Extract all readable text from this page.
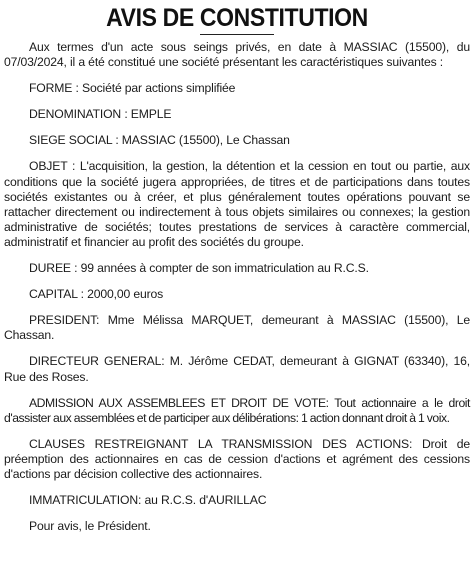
AVIS DE CONSTITUTION

Aux termes d'un acte sous seings privés, en date à MASSIAC (15500), du 07/03/2024, il a été constitué une société présentant les caractéristiques suivantes :

FORME : Société par actions simplifiée

DENOMINATION : EMPLE

SIEGE SOCIAL : MASSIAC (15500), Le Chassan

OBJET : L'acquisition, la gestion, la détention et la cession en tout ou partie, aux conditions que la société jugera appropriées, de titres et de participations dans toutes sociétés existantes ou à créer, et plus généralement toutes opérations pouvant se rattacher directement ou indirectement à tous objets similaires ou connexes; la gestion administrative de sociétés; toutes prestations de services à caractère commercial, administratif et financier au profit des sociétés du groupe.

DUREE : 99 années à compter de son immatriculation au R.C.S.

CAPITAL : 2000,00 euros

PRESIDENT: Mme Mélissa MARQUET, demeurant à MASSIAC (15500), Le Chassan.

DIRECTEUR GENERAL: M. Jérôme CEDAT, demeurant à GIGNAT (63340), 16, Rue des Roses.

ADMISSION AUX ASSEMBLEES ET DROIT DE VOTE: Tout actionnaire a le droit d'assister aux assemblées et de participer aux délibérations: 1 action donnant droit à 1 voix.

CLAUSES RESTREIGNANT LA TRANSMISSION DES ACTIONS: Droit de préemption des actionnaires en cas de cession d'actions et agrément des cessions d'actions par décision collective des actionnaires.

IMMATRICULATION: au R.C.S. d'AURILLAC

Pour avis, le Président.
